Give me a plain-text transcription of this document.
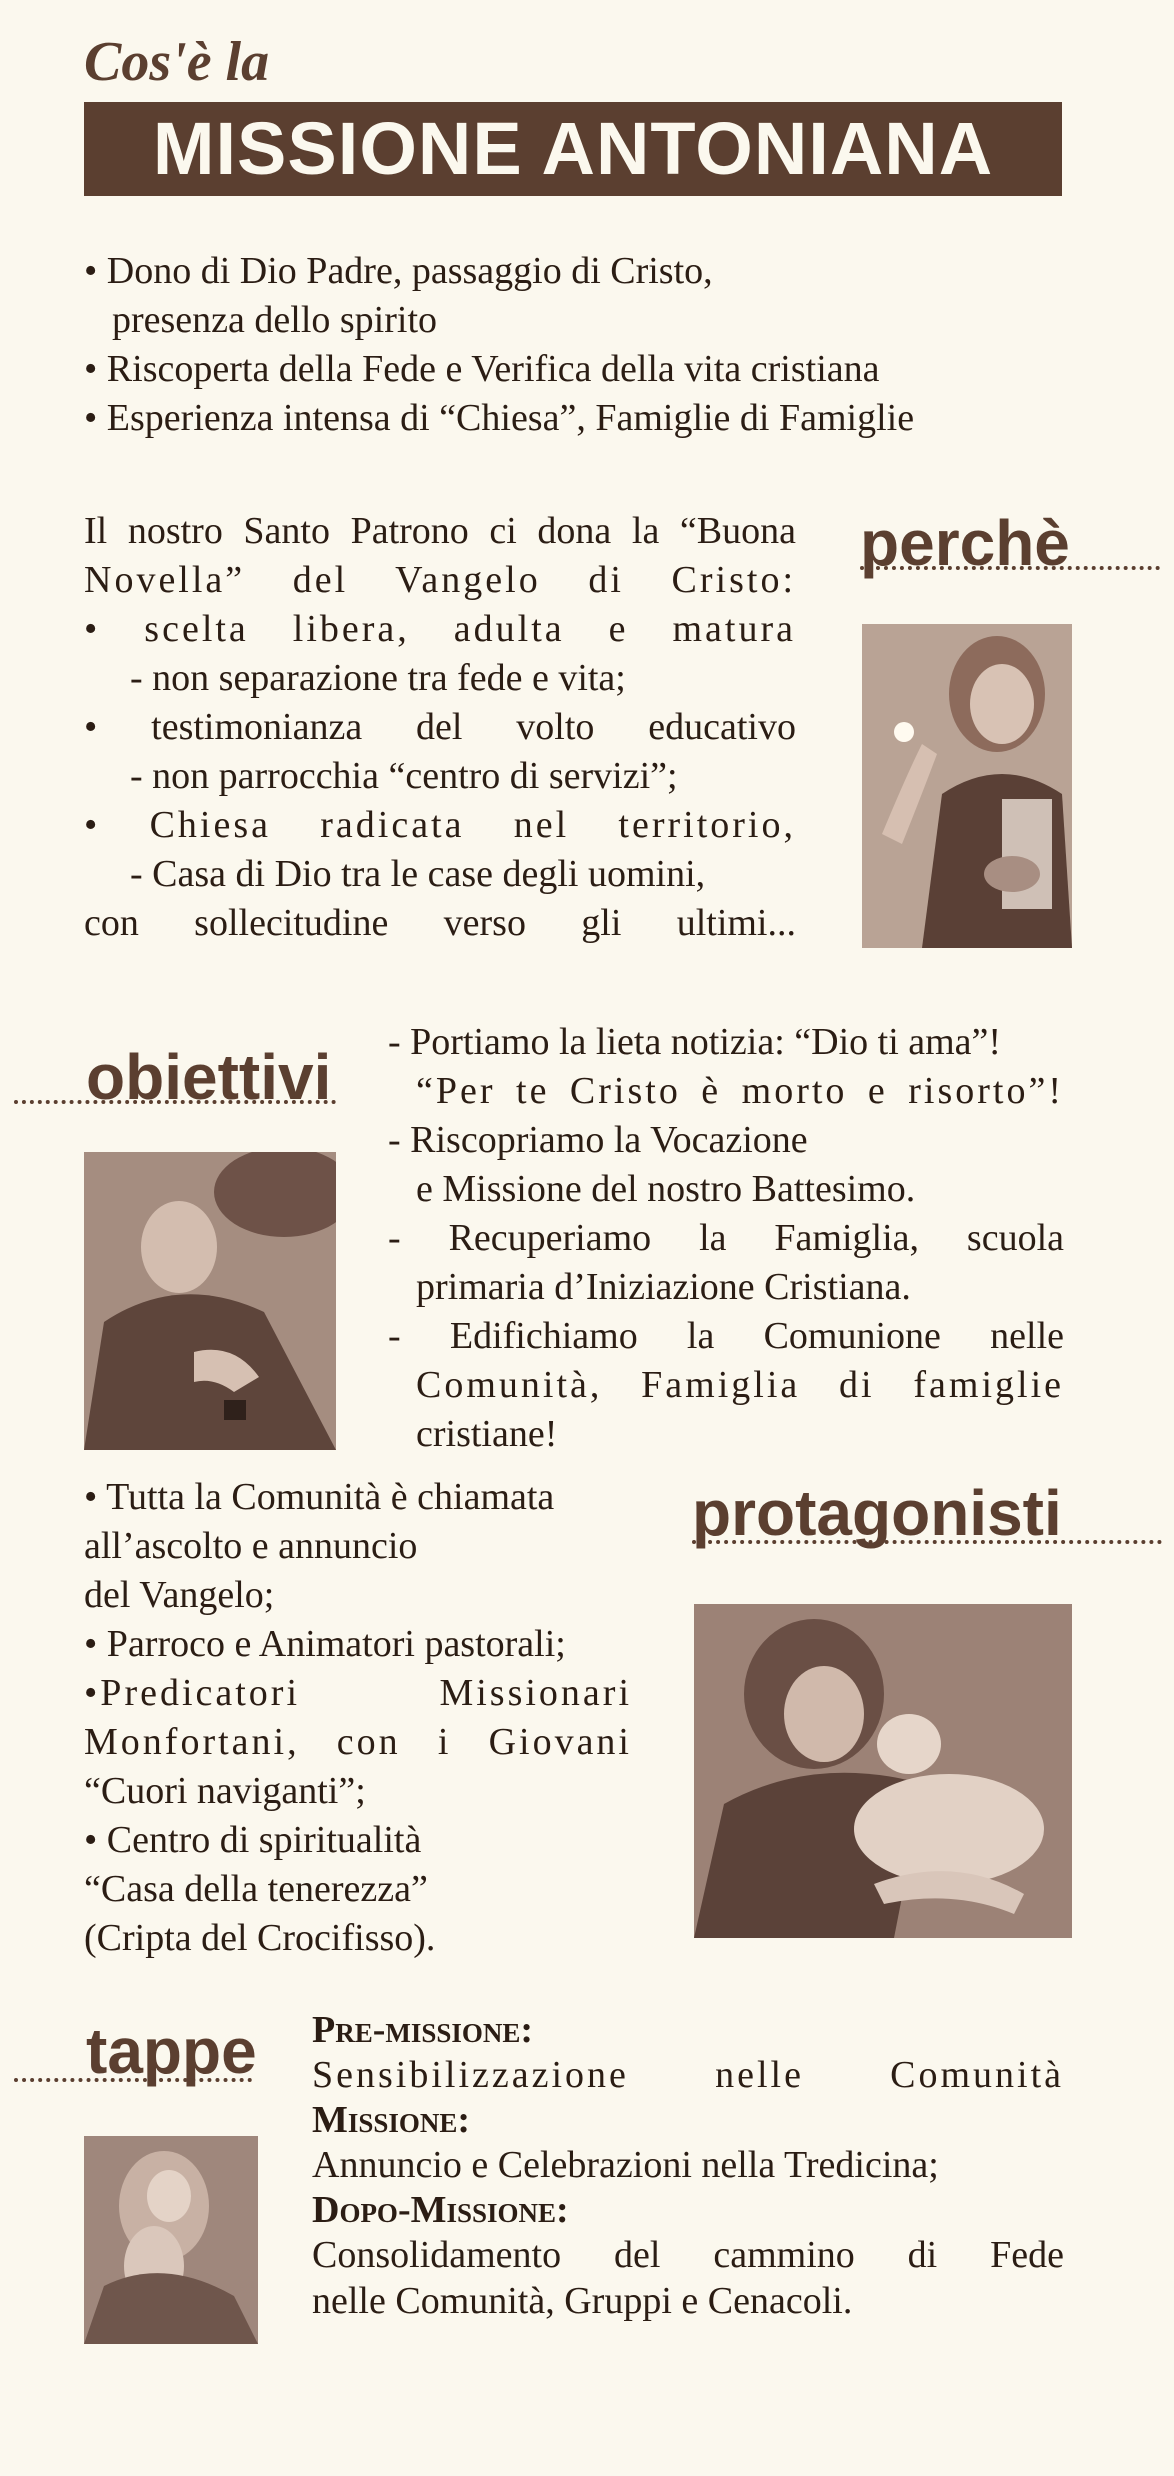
Cos'è la
MISSIONE ANTONIANA

• Dono di Dio Padre, passaggio di Cristo,

presenza dello spirito

• Riscoperta della Fede e Verifica della vita cristiana

• Esperienza intensa di “Chiesa”, Famiglie di Famiglie

perchè

Il nostro Santo Patrono ci dona la “Buona

Novella” del Vangelo di Cristo:

• scelta libera, adulta e matura

- non separazione tra fede e vita;

• testimonianza del volto educativo

- non parrocchia “centro di servizi”;

• Chiesa radicata nel territorio,

- Casa di Dio tra le case degli uomini,

con sollecitudine verso gli ultimi...

obiettivi - Portiamo la lieta notizia: “Dio ti ama”!

“Per te Cristo è morto e risorto”!

- Riscopriamo la Vocazione

e Missione del nostro Battesimo.

- Recuperiamo la Famiglia, scuola

primaria d’Iniziazione Cristiana.

- Edifichiamo la Comunione nelle

Comunità, Famiglia di famiglie

cristiane!

• Tutta la Comunità è chiamata

all’ascolto e annuncio

del Vangelo;

• Parroco e Animatori pastorali;

•Predicatori Missionari

Monfortani, con i Giovani

“Cuori naviganti”;

• Centro di spiritualità

“Casa della tenerezza”

(Cripta del Crocifisso).

protagonisti
tappe Pre-missione:
Sensibilizzazione nelle Comunità
Missione:
Annuncio e Celebrazioni nella Tredicina;
Dopo-Missione:
Consolidamento del cammino di Fede
nelle Comunità, Gruppi e Cenacoli.
